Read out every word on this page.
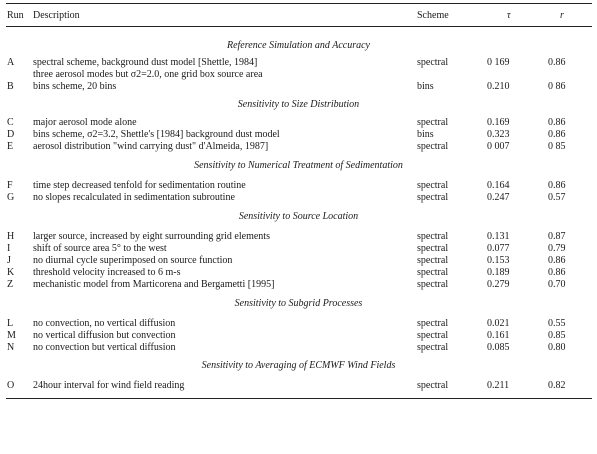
Run Description	Scheme	τ	r
Reference Simulation and Accuracy
A spectral scheme, background dust model [Shettle, 1984]	spectral	0 169	0.86
three aerosol modes but σ2=2.0, one grid box source area
B bins scheme, 20 bins	bins	0.210	0 86
Sensitivity to Size Distribution
C major aerosol mode alone	spectral	0.169	0.86
D bins scheme, σ2=3.2, Shettle's [1984] background dust model	bins	0.323	0.86
E aerosol distribution "wind carrying dust" d'Almeida, 1987]	spectral	0 007	0 85
Sensitivity to Numerical Treatment of Sedimentation
F time step decreased tenfold for sedimentation routine	spectral	0.164	0.86
G no slopes recalculated in sedimentation subroutine	spectral	0.247	0.57
Sensitivity to Source Location
H larger source, increased by eight surrounding grid elements	spectral	0.131	0.87
I shift of source area 5° to the west	spectral	0.077	0.79
J no diurnal cycle superimposed on source function	spectral	0.153	0.86
K threshold velocity increased to 6 m-s	spectral	0.189	0.86
Z mechanistic model from Marticorena and Bergametti [1995]	spectral	0.279	0.70
Sensitivity to Subgrid Processes
L no convection, no vertical diffusion	spectral	0.021	0.55
M no vertical diffusion but convection	spectral	0.161	0.85
N no convection but vertical diffusion	spectral	0.085	0.80
Sensitivity to Averaging of ECMWF Wind Fields
O 24hour interval for wind field reading	spectral	0.211	0.82
